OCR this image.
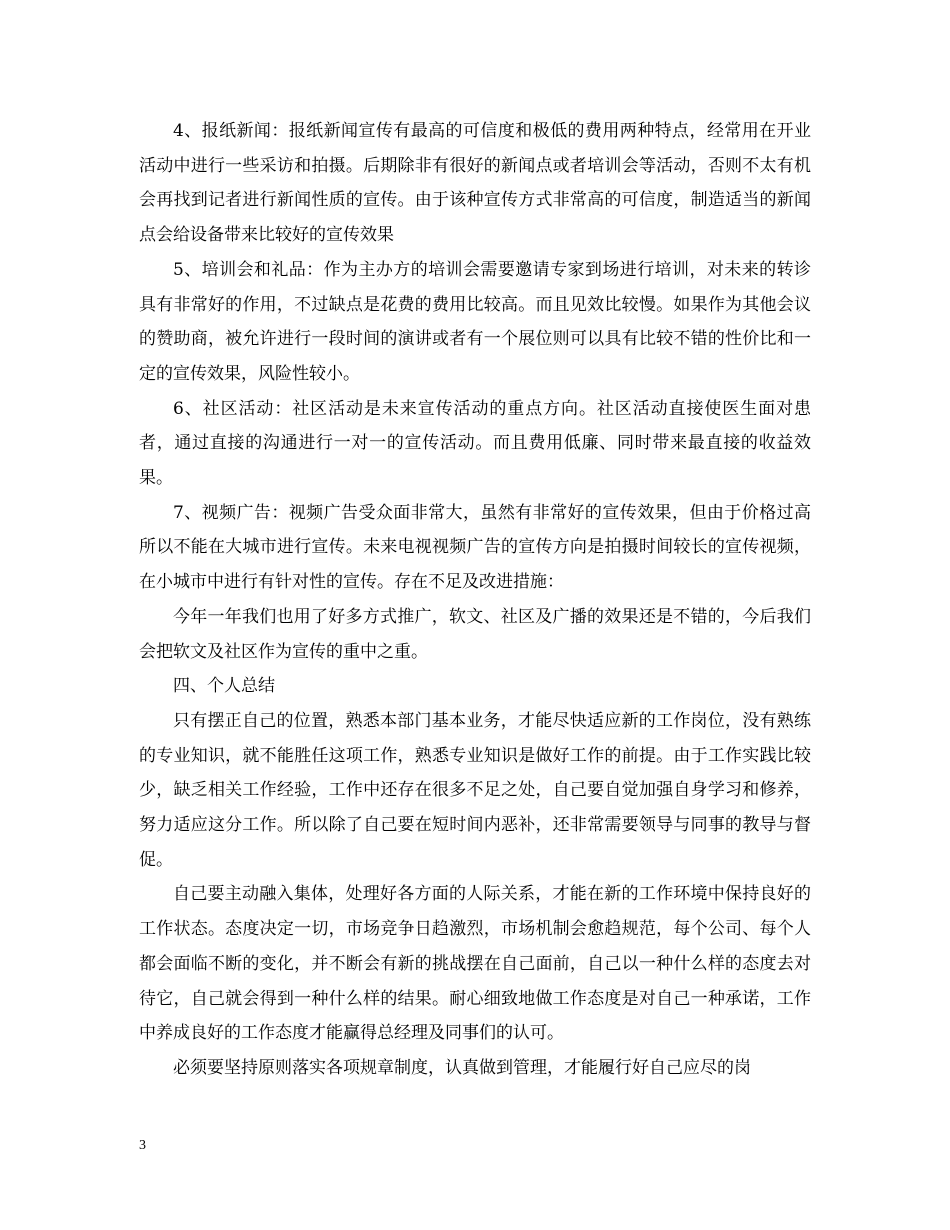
4、报纸新闻：报纸新闻宣传有最高的可信度和极低的费用两种特点，经常用在开业活动中进行一些采访和拍摄。后期除非有很好的新闻点或者培训会等活动，否则不太有机会再找到记者进行新闻性质的宣传。由于该种宣传方式非常高的可信度，制造适当的新闻点会给设备带来比较好的宣传效果

5、培训会和礼品：作为主办方的培训会需要邀请专家到场进行培训，对未来的转诊具有非常好的作用，不过缺点是花费的费用比较高。而且见效比较慢。如果作为其他会议的赞助商，被允许进行一段时间的演讲或者有一个展位则可以具有比较不错的性价比和一定的宣传效果，风险性较小。

6、社区活动：社区活动是未来宣传活动的重点方向。社区活动直接使医生面对患者，通过直接的沟通进行一对一的宣传活动。而且费用低廉、同时带来最直接的收益效果。

7、视频广告：视频广告受众面非常大，虽然有非常好的宣传效果，但由于价格过高所以不能在大城市进行宣传。未来电视视频广告的宣传方向是拍摄时间较长的宣传视频，在小城市中进行有针对性的宣传。存在不足及改进措施：

今年一年我们也用了好多方式推广，软文、社区及广播的效果还是不错的，今后我们会把软文及社区作为宣传的重中之重。

四、个人总结

只有摆正自己的位置，熟悉本部门基本业务，才能尽快适应新的工作岗位，没有熟练的专业知识，就不能胜任这项工作，熟悉专业知识是做好工作的前提。由于工作实践比较少，缺乏相关工作经验，工作中还存在很多不足之处，自己要自觉加强自身学习和修养，努力适应这分工作。所以除了自己要在短时间内恶补，还非常需要领导与同事的教导与督促。

自己要主动融入集体，处理好各方面的人际关系，才能在新的工作环境中保持良好的工作状态。态度决定一切，市场竞争日趋激烈，市场机制会愈趋规范，每个公司、每个人都会面临不断的变化，并不断会有新的挑战摆在自己面前，自己以一种什么样的态度去对待它，自己就会得到一种什么样的结果。耐心细致地做工作态度是对自己一种承诺，工作中养成良好的工作态度才能赢得总经理及同事们的认可。

必须要坚持原则落实各项规章制度，认真做到管理，才能履行好自己应尽的岗

3
